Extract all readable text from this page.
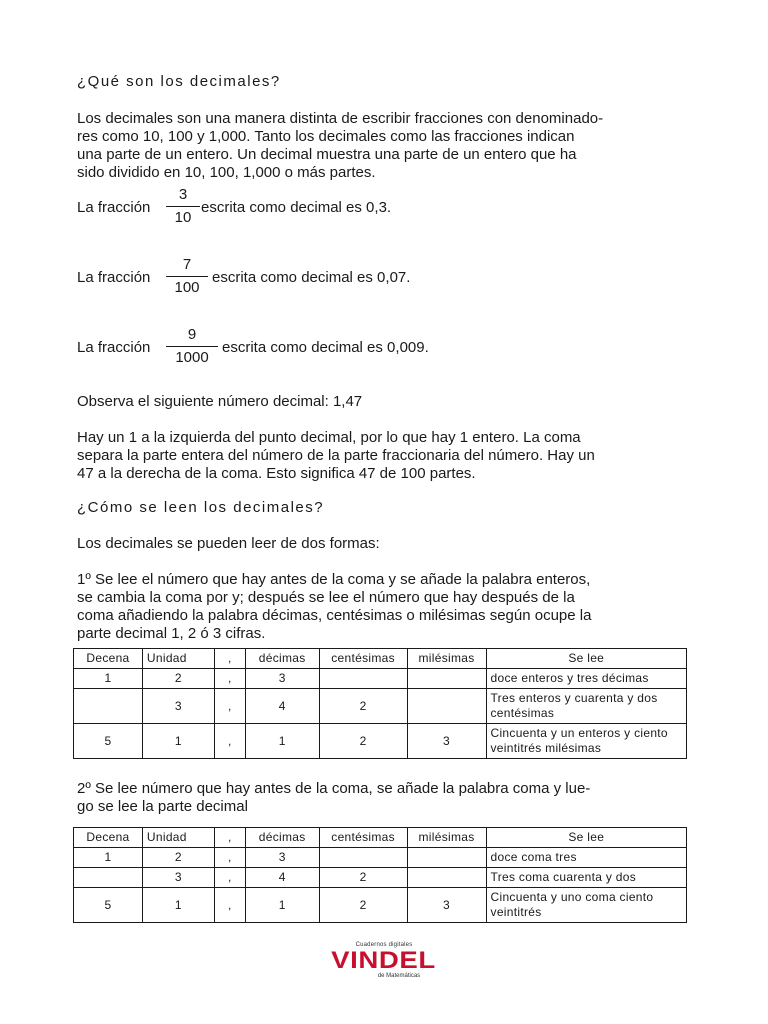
¿Qué son los decimales?

Los decimales son una manera distinta de escribir fracciones con denominado-

res como 10, 100 y 1,000. Tanto los decimales como las fracciones indican

una parte de un entero. Un decimal muestra una parte de un entero que ha

sido dividido en 10, 100, 1,000 o más partes.

La fracción
3
10
escrita como decimal es 0,3.
La fracción
7
100
escrita como decimal es 0,07.
La fracción
9
1000
escrita como decimal es 0,009.

Observa el siguiente número decimal: 1,47

Hay un 1 a la izquierda del punto decimal, por lo que hay 1 entero. La coma

separa la parte entera del número de la parte fraccionaria del número. Hay un

47 a la derecha de la coma. Esto significa 47 de 100 partes.

¿Cómo se leen los decimales?

Los decimales se pueden leer de dos formas:

1º Se lee el número que hay antes de la coma y se añade la palabra enteros,

se cambia la coma por y; después se lee el número que hay después de la

coma añadiendo la palabra décimas, centésimas o milésimas según ocupe la

parte decimal 1, 2 ó 3 cifras.

Decena	Unidad	,	décimas	centésimas	milésimas	Se lee
1	2	,	3			doce enteros y tres décimas
	3	,	4	2		Tres enteros y cuarenta y dos centésimas
5	1	,	1	2	3	Cincuenta y un enteros y ciento veintitrés milésimas

2º Se lee número que hay antes de la coma, se añade la palabra coma y lue-

go se lee la parte decimal

Decena	Unidad	,	décimas	centésimas	milésimas	Se lee
1	2	,	3			doce coma tres
	3	,	4	2		Tres coma cuarenta y dos
5	1	,	1	2	3	Cincuenta y uno coma ciento veintitrés
Cuadernos digitales
VINDEL
de Matemáticas
